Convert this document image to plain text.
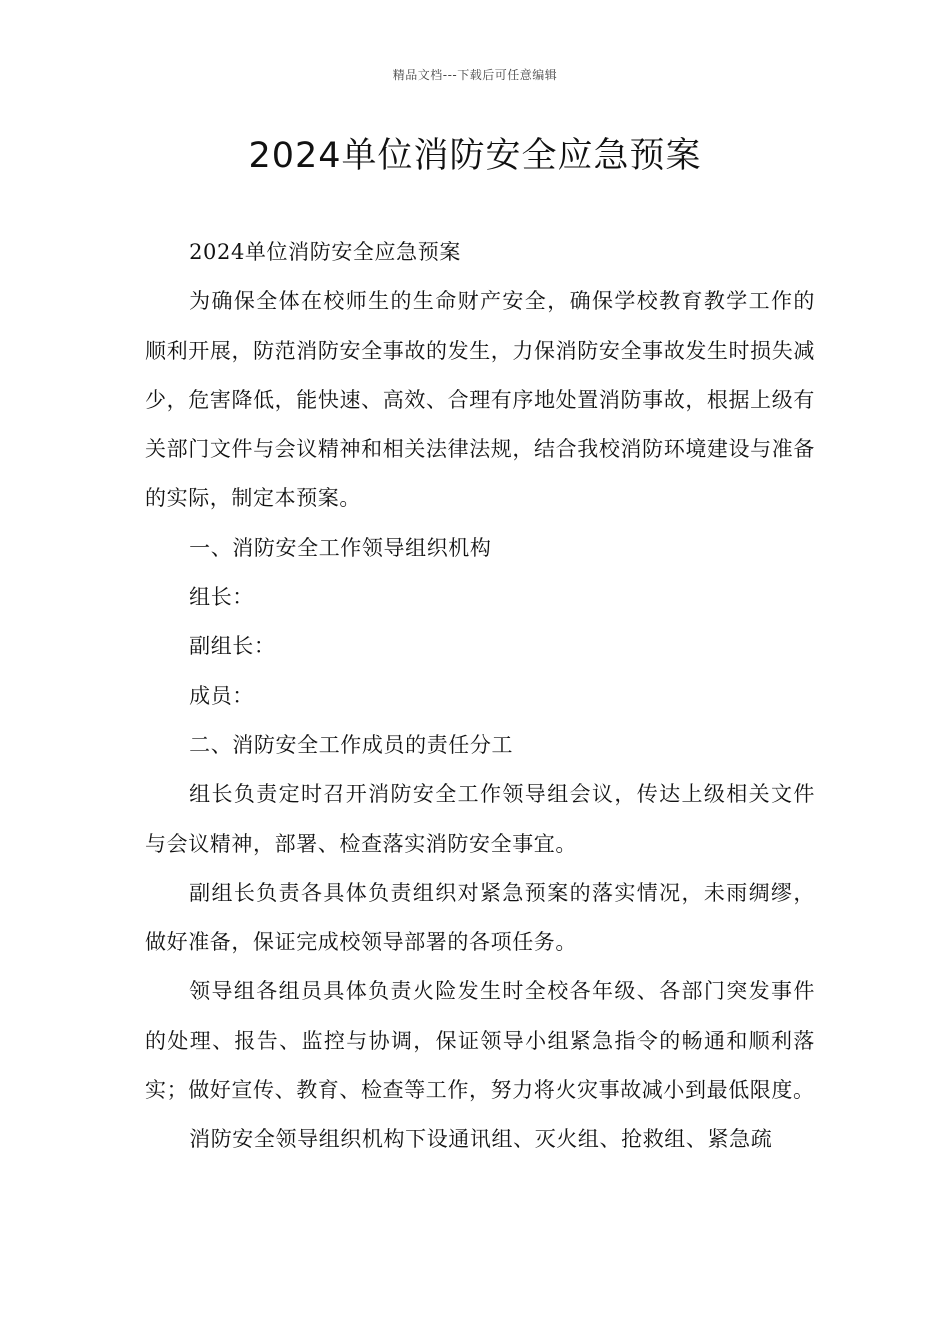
精品文档---下载后可任意编辑
2024单位消防安全应急预案

2024单位消防安全应急预案

为确保全体在校师生的生命财产安全，确保学校教育教学工作的顺利开展，防范消防安全事故的发生，力保消防安全事故发生时损失减少，危害降低，能快速、高效、合理有序地处置消防事故，根据上级有关部门文件与会议精神和相关法律法规，结合我校消防环境建设与准备的实际，制定本预案。

一、消防安全工作领导组织机构

组长：

副组长：

成员：

二、消防安全工作成员的责任分工

组长负责定时召开消防安全工作领导组会议，传达上级相关文件与会议精神，部署、检查落实消防安全事宜。

副组长负责各具体负责组织对紧急预案的落实情况，未雨绸缪，做好准备，保证完成校领导部署的各项任务。

领导组各组员具体负责火险发生时全校各年级、各部门突发事件的处理、报告、监控与协调，保证领导小组紧急指令的畅通和顺利落实；做好宣传、教育、检查等工作，努力将火灾事故减小到最低限度。

消防安全领导组织机构下设通讯组、灭火组、抢救组、紧急疏
